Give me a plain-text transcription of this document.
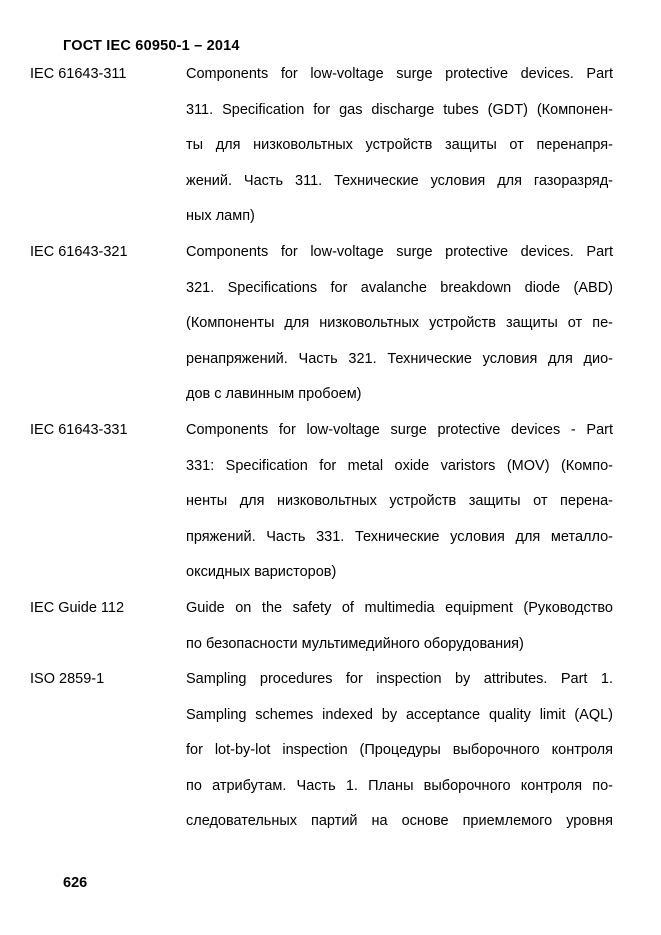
ГОСТ IEC 60950-1 – 2014
IEC 61643-311	Components for low-voltage surge protective devices. Part
311. Specification for gas discharge tubes (GDT) (Компонен-
ты для низковольтных устройств защиты от перенапря-
жений. Часть 311. Технические условия для газоразряд-
ных ламп)
IEC 61643-321	Components for low-voltage surge protective devices. Part
321. Specifications for avalanche breakdown diode (ABD)
(Компоненты для низковольтных устройств защиты от пе-
ренапряжений. Часть 321. Технические условия для дио-
дов с лавинным пробоем)
IEC 61643-331	Components for low-voltage surge protective devices - Part
331: Specification for metal oxide varistors (MOV) (Компо-
ненты для низковольтных устройств защиты от перена-
пряжений. Часть 331. Технические условия для металло-
оксидных варисторов)
IEC Guide 112	Guide on the safety of multimedia equipment (Руководство
по безопасности мультимедийного оборудования)
ISO 2859-1	Sampling procedures for inspection by attributes. Part 1.
Sampling schemes indexed by acceptance quality limit (AQL)
for lot-by-lot inspection (Процедуры выборочного контроля
по атрибутам. Часть 1. Планы выборочного контроля по-
следовательных партий на основе приемлемого уровня
626
